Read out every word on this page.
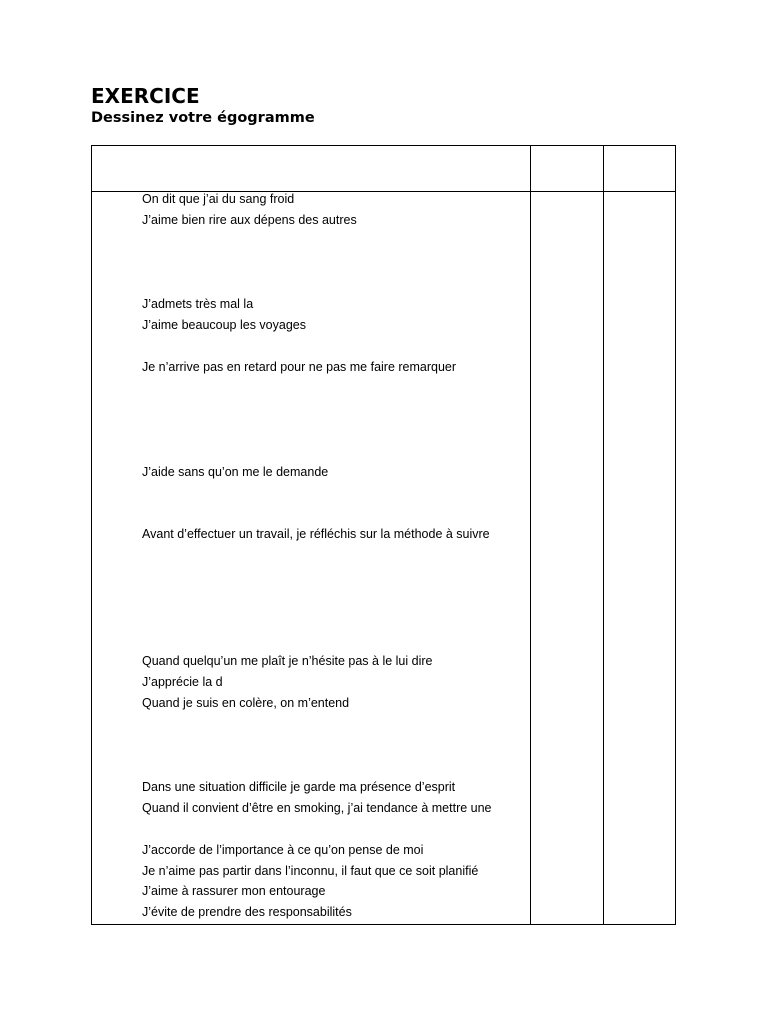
EXERCICE
Dessinez votre égogramme
On dit que j’ai du sang froid
J’aime bien rire aux dépens des autres
J’admets très mal la
J’aime beaucoup les voyages
Je n’arrive pas en retard pour ne pas me faire remarquer
J’aide sans qu’on me le demande
Avant d’effectuer un travail, je réfléchis sur la méthode à suivre
Quand quelqu’un me plaît je n’hésite pas à le lui dire
J’apprécie la d
Quand je suis en colère, on m’entend
Dans une situation difficile je garde ma présence d’esprit
Quand il convient d’être en smoking, j’ai tendance à mettre une
J’accorde de l’importance à ce qu’on pense de moi
Je n’aime pas partir dans l’inconnu, il faut que ce soit planifié
J’aime à rassurer mon entourage
J’évite de prendre des responsabilités
